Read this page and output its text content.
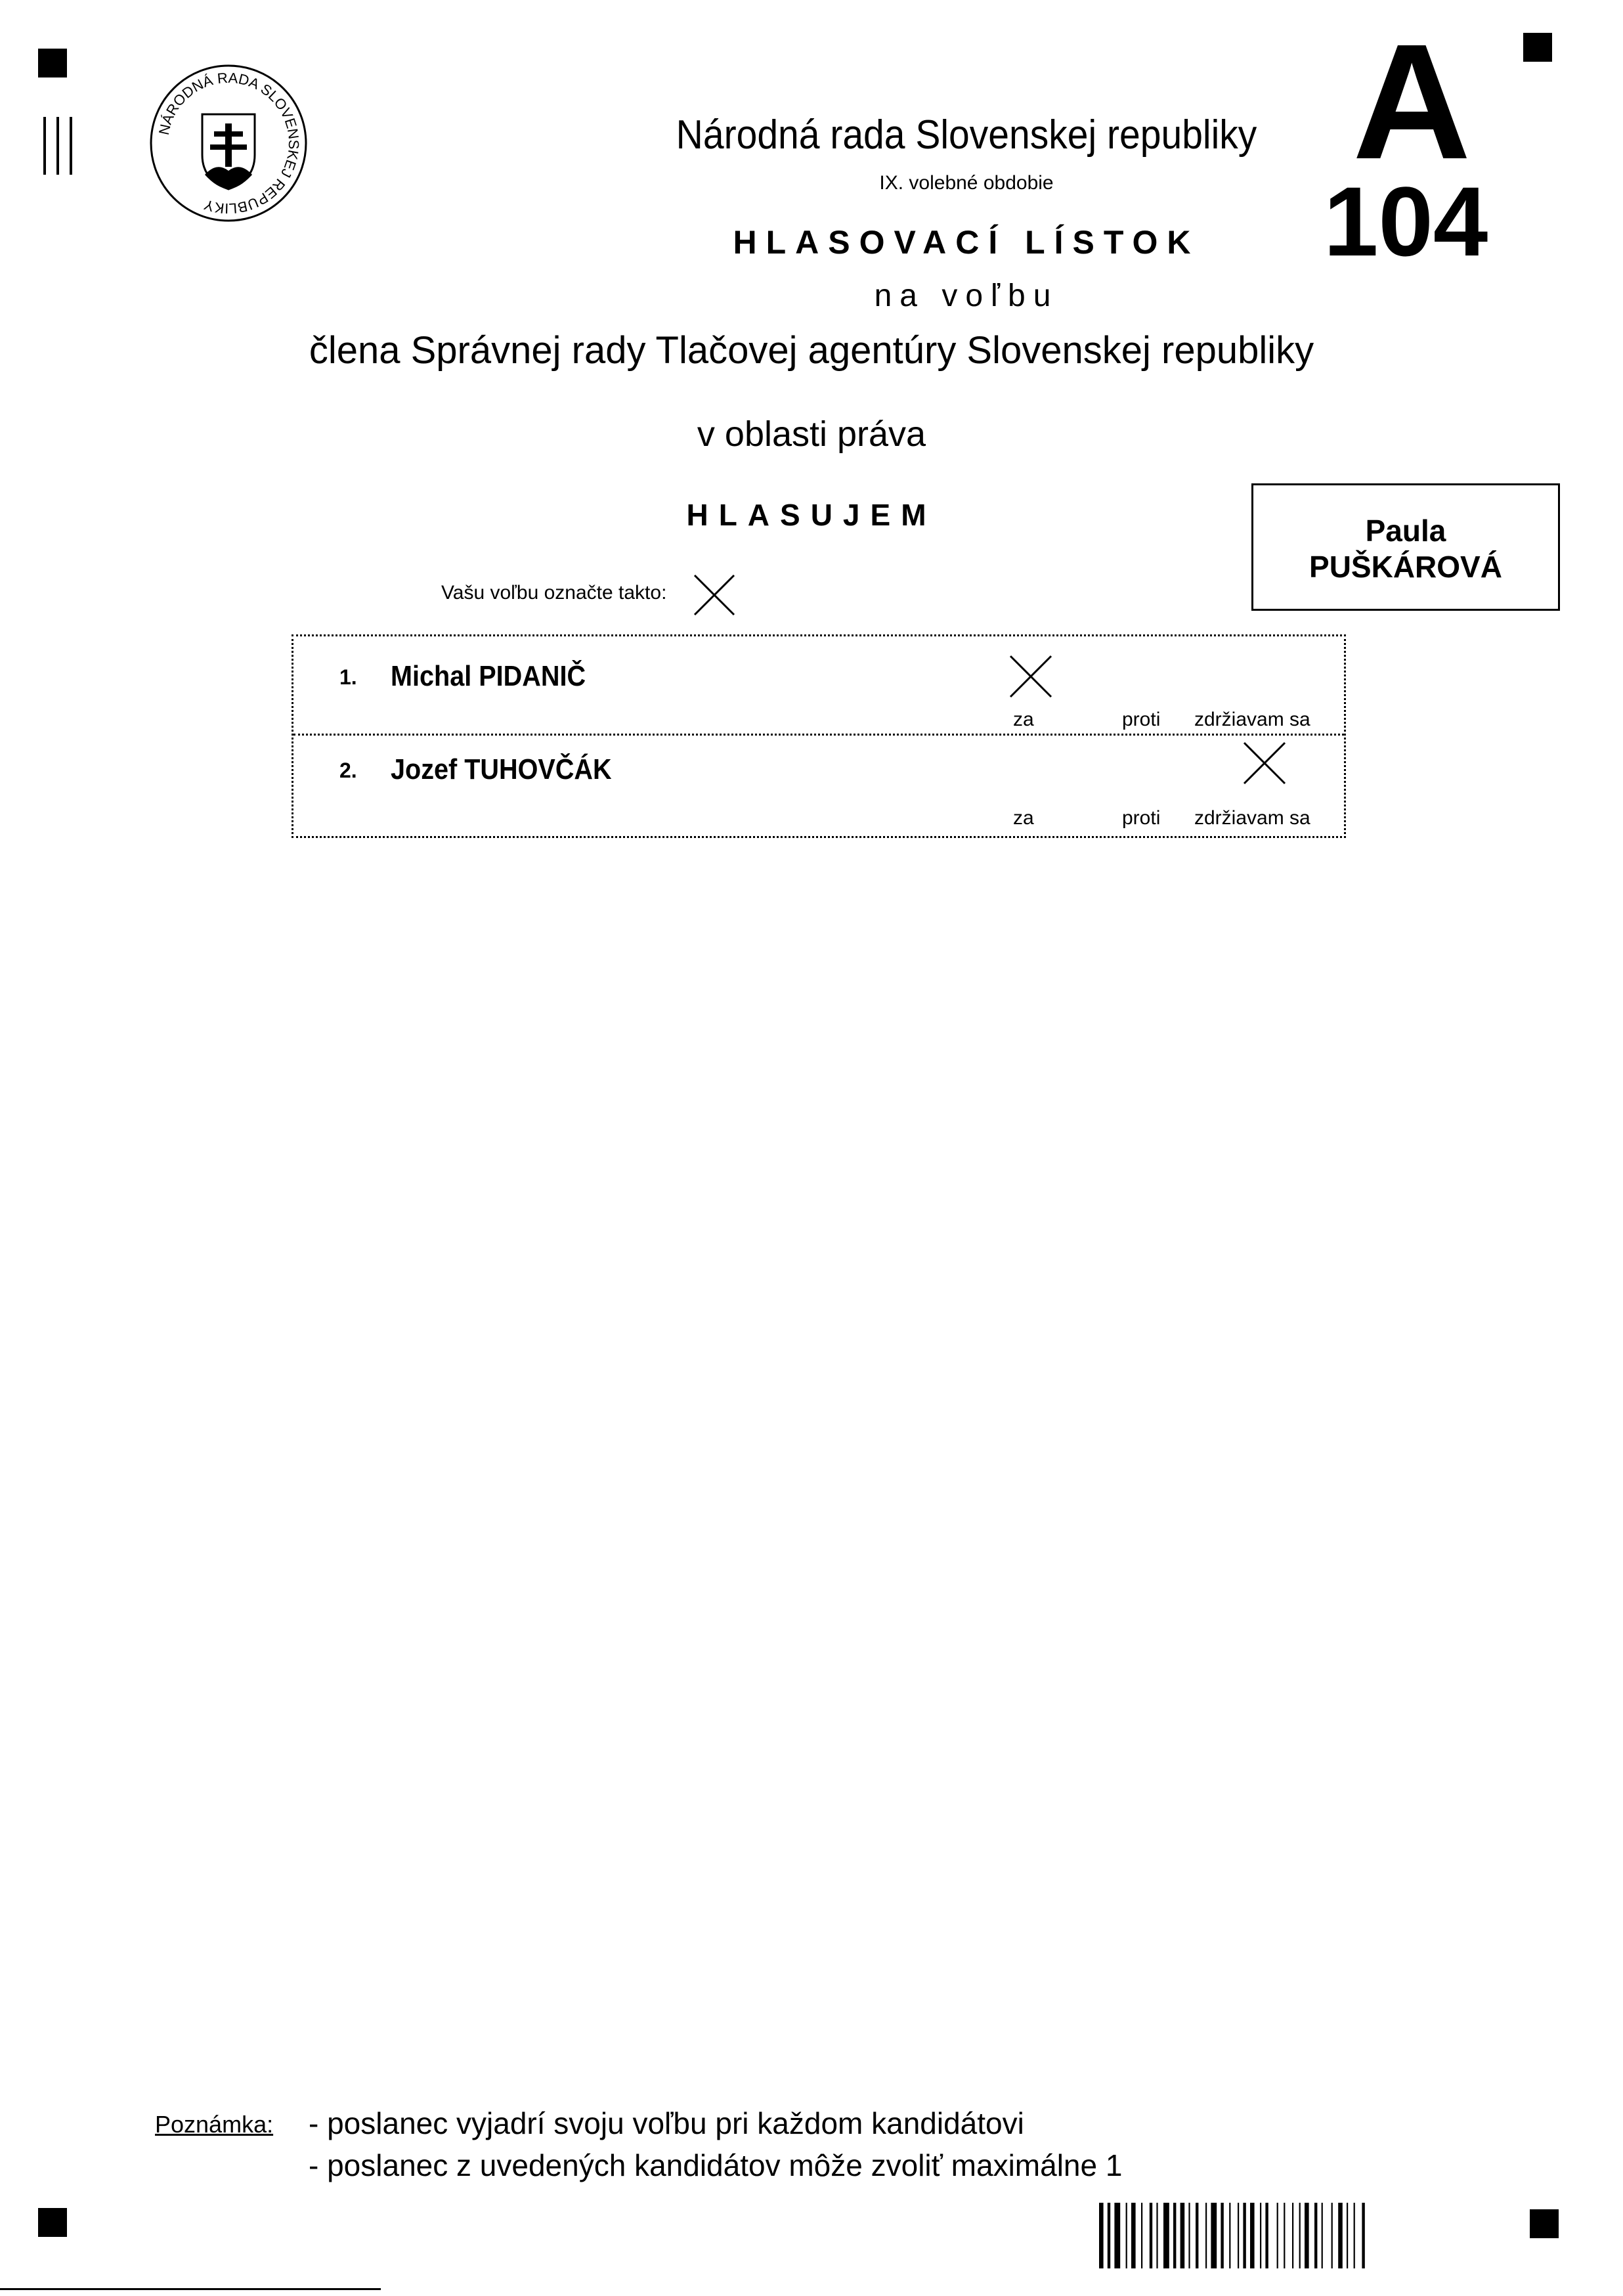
NÁRODNÁ RADA SLOVENSKEJ REPUBLIKY
A
104
Národná rada Slovenskej republiky
IX. volebné obdobie
HLASOVACÍ LÍSTOK
na voľbu
člena Správnej rady Tlačovej agentúry Slovenskej republiky
v oblasti práva
HLASUJEM	Paula
PUŠKÁROVÁ
Vašu voľbu označte takto:
1. Michal PIDANIČ
za	proti zdržiavam sa
2. Jozef TUHOVČÁK
za	proti zdržiavam sa
Poznámka: - poslanec vyjadrí svoju voľbu pri každom kandidátovi
- poslanec z uvedených kandidátov môže zvoliť maximálne 1
